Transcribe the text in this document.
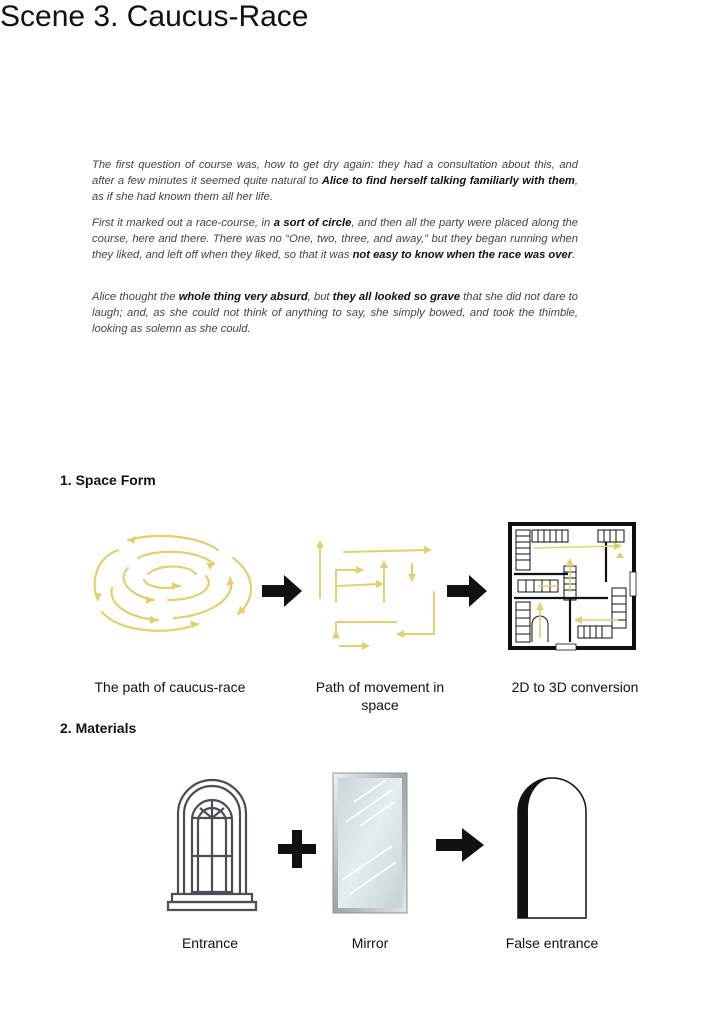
Scene 3. Caucus-Race
The first question of course was, how to get dry again: they had a consultation about this, and after a few minutes it seemed quite natural to Alice to find herself talking familiarly with them, as if she had known them all her life.
First it marked out a race-course, in a sort of circle, and then all the party were placed along the course, here and there. There was no “One, two, three, and away,” but they began running when they liked, and left off when they liked, so that it was not easy to know when the race was over.
Alice thought the whole thing very absurd, but they all looked so grave that she did not dare to laugh; and, as she could not think of anything to say, she simply bowed, and took the thimble, looking as solemn as she could.
1. Space Form
The path of caucus-race	Path of movement in space
2D to 3D conversion
2. Materials
Entrance	Mirror	False entrance
